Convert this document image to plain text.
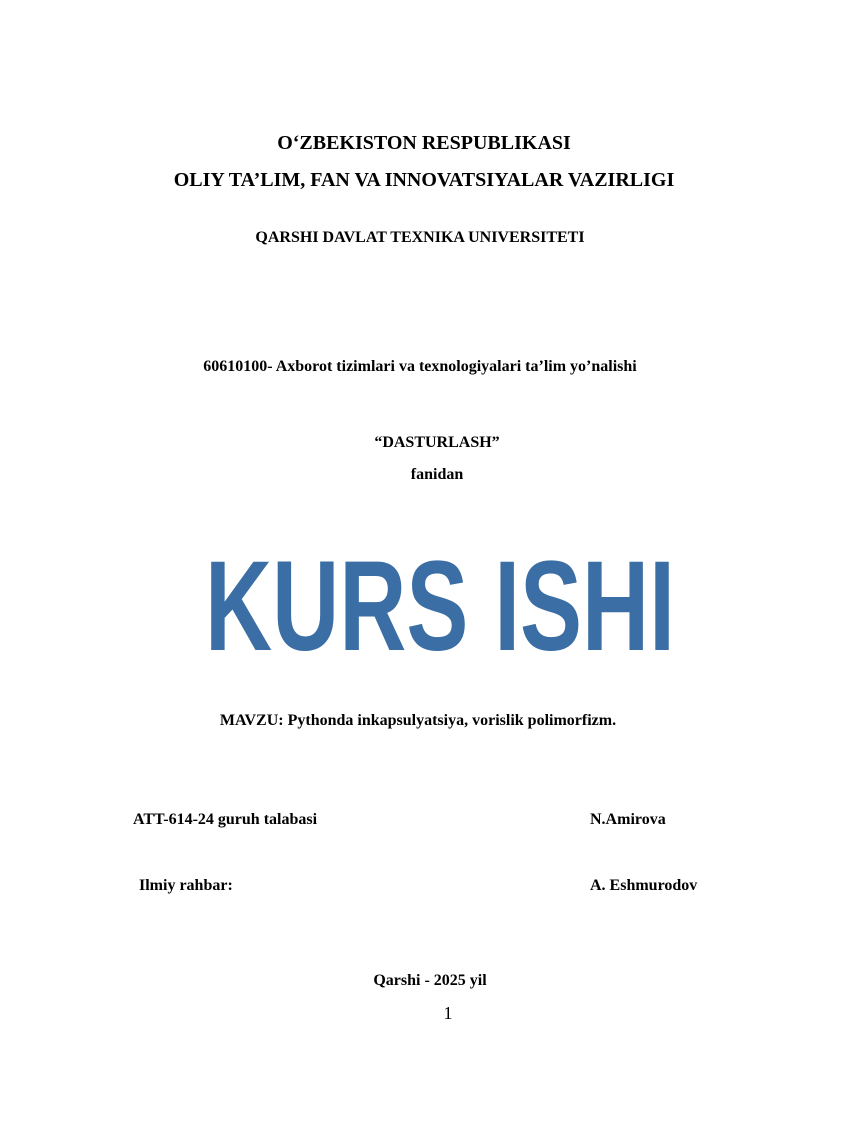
O‘ZBEKISTON RESPUBLIKASI
OLIY TA’LIM, FAN VA INNOVATSIYALAR VAZIRLIGI
QARSHI DAVLAT TEXNIKA UNIVERSITETI
60610100- Axborot tizimlari va texnologiyalari ta’lim yo’nalishi
“DASTURLASH”
fanidan
KURS ISHI
MAVZU: Pythonda inkapsulyatsiya, vorislik polimorfizm.
ATT-614-24 guruh talabasi	N.Amirova
Ilmiy rahbar:	A. Eshmurodov
Qarshi - 2025 yil
1
